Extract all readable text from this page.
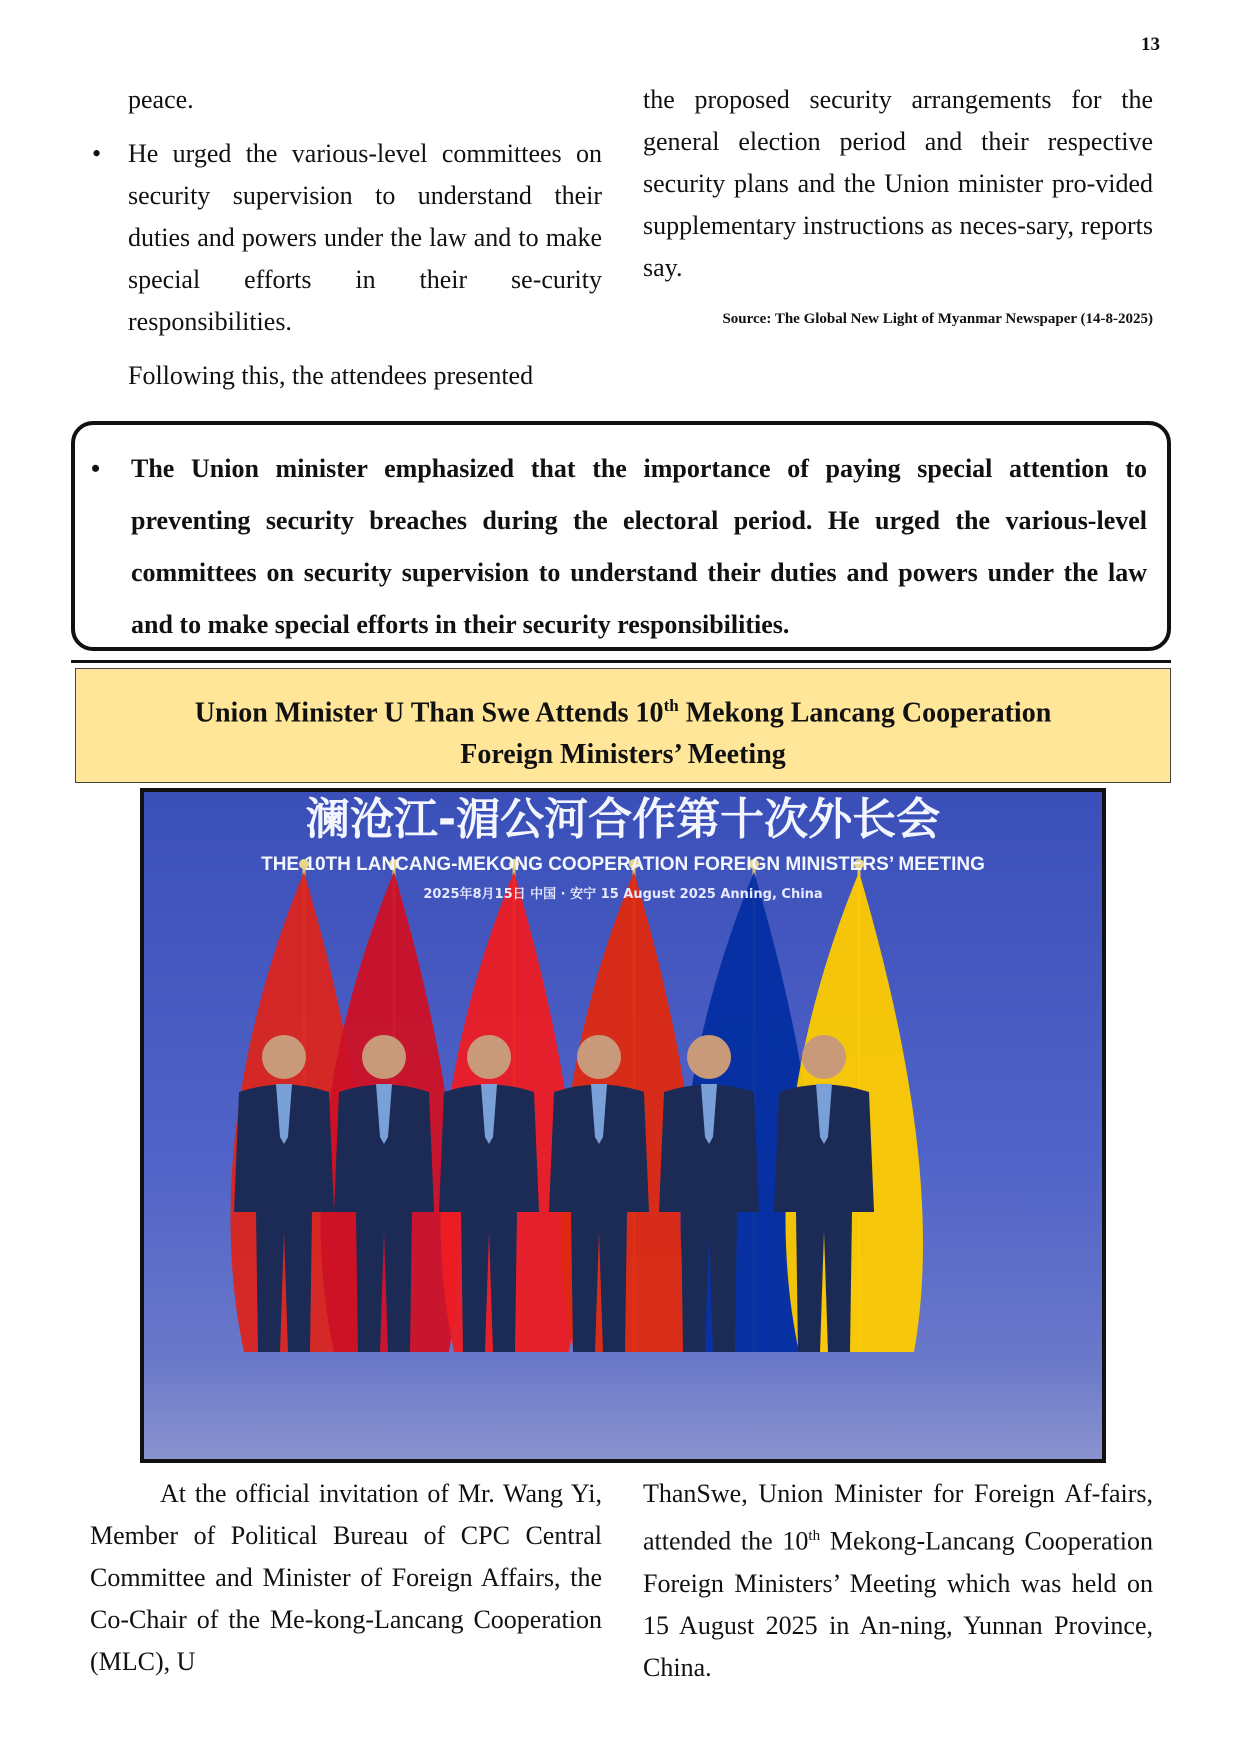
13
peace.
• He urged the various-level committees on security supervision to understand their duties and powers under the law and to make special efforts in their se-curity responsibilities.
Following this, the attendees presented
the proposed security arrangements for the general election period and their respective security plans and the Union minister pro-vided supplementary instructions as neces-sary, reports say.
Source: The Global New Light of Myanmar Newspaper (14-8-2025)
• The Union minister emphasized that the importance of paying special attention to preventing security breaches during the electoral period. He urged the various-level committees on security supervision to understand their duties and powers under the law and to make special efforts in their security responsibilities.
Union Minister U Than Swe Attends 10th Mekong Lancang Cooperation
Foreign Ministers’ Meeting
澜沧江-湄公河合作第十次外长会
THE 10TH LANCANG-MEKONG COOPERATION FOREIGN MINISTERS’ MEETING
2025年8月15日 中国 · 安宁 15 August 2025 Anning, China
At the official invitation of Mr. Wang Yi, Member of Political Bureau of CPC Central Committee and Minister of Foreign Affairs, the Co-Chair of the Me-kong-Lancang Cooperation (MLC), U
ThanSwe, Union Minister for Foreign Af-fairs, attended the 10th Mekong-Lancang Cooperation Foreign Ministers’ Meeting which was held on 15 August 2025 in An-ning, Yunnan Province, China.
